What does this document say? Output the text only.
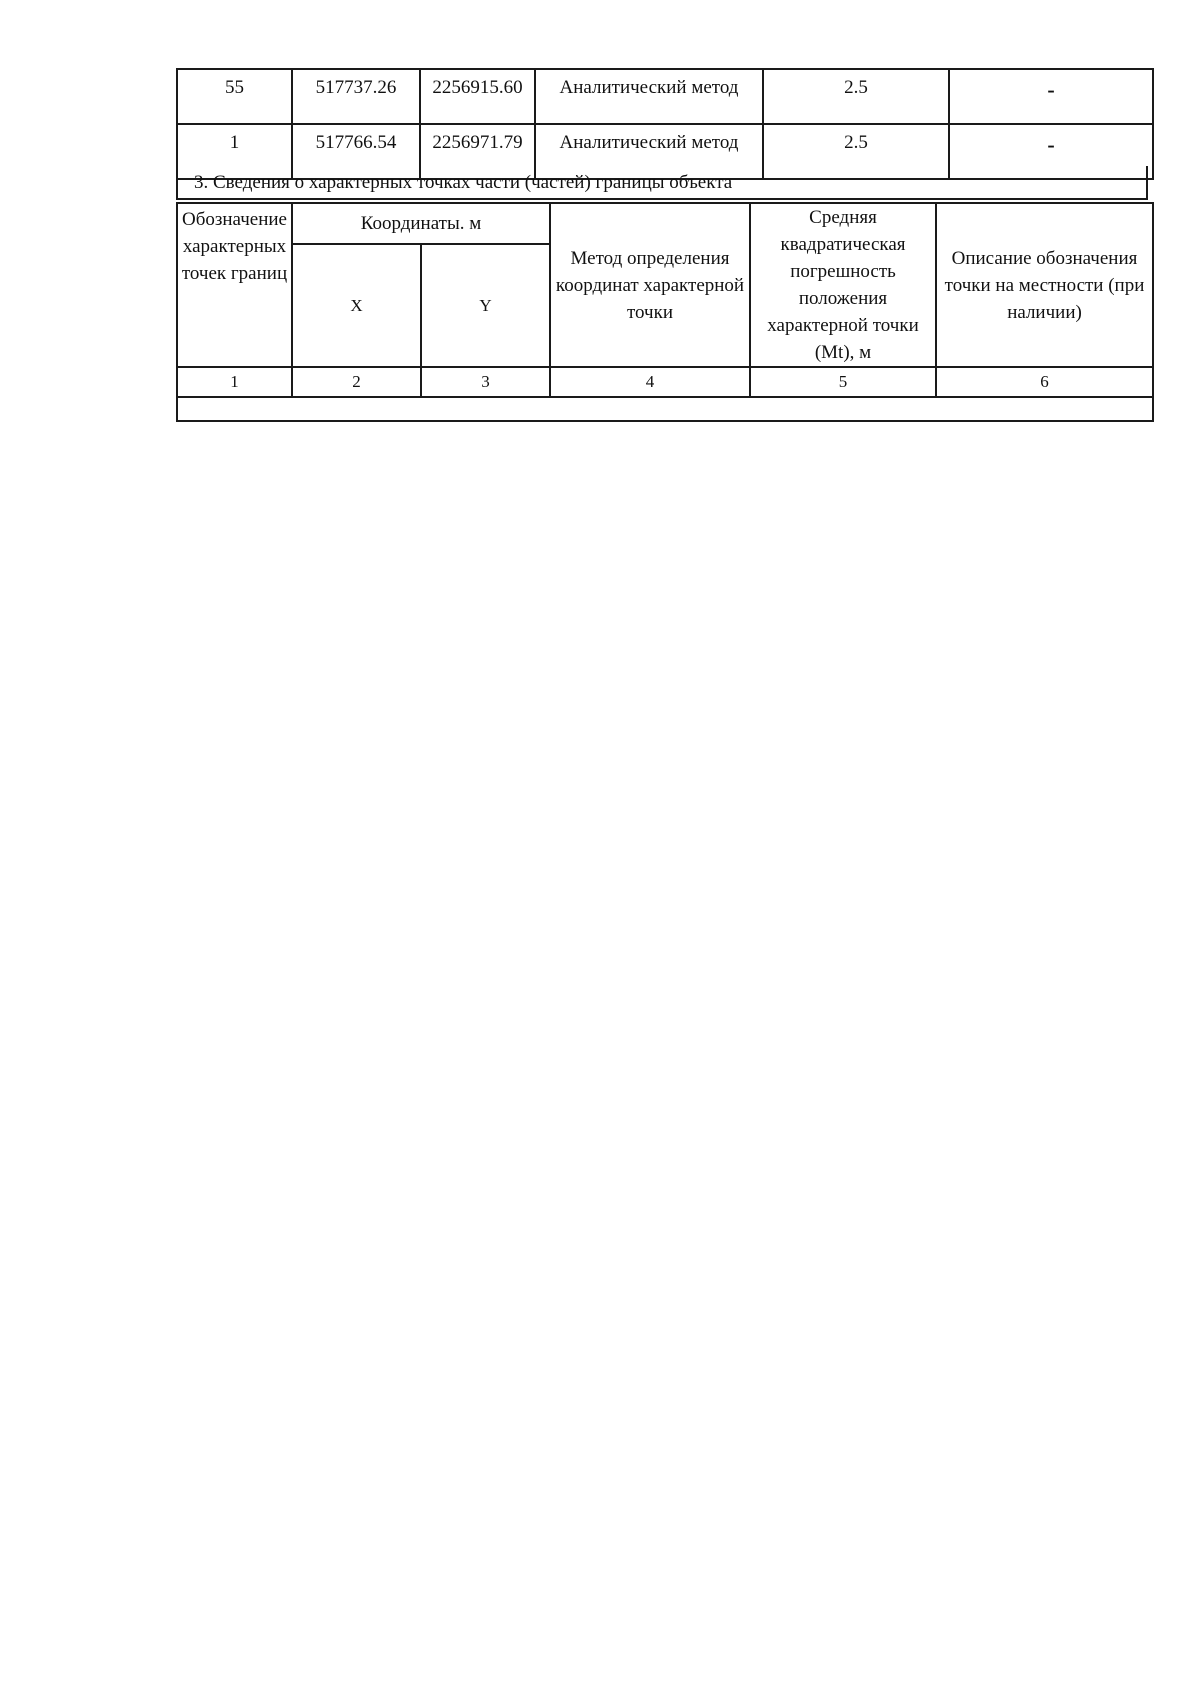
55	517737.26	2256915.60	Аналитический метод	2.5	-
1	517766.54	2256971.79	Аналитический метод	2.5	-
3. Сведения о характерных точках части (частей) границы объекта
Обозначение характерных точек границ	Координаты. м		Метод определения координат характерной точки	Средняя квадратическая погрешность положения характерной точки (Mt), м	Описание обозначения точки на местности (при наличии)
	X	Y			
1	2	3	4	5	6
